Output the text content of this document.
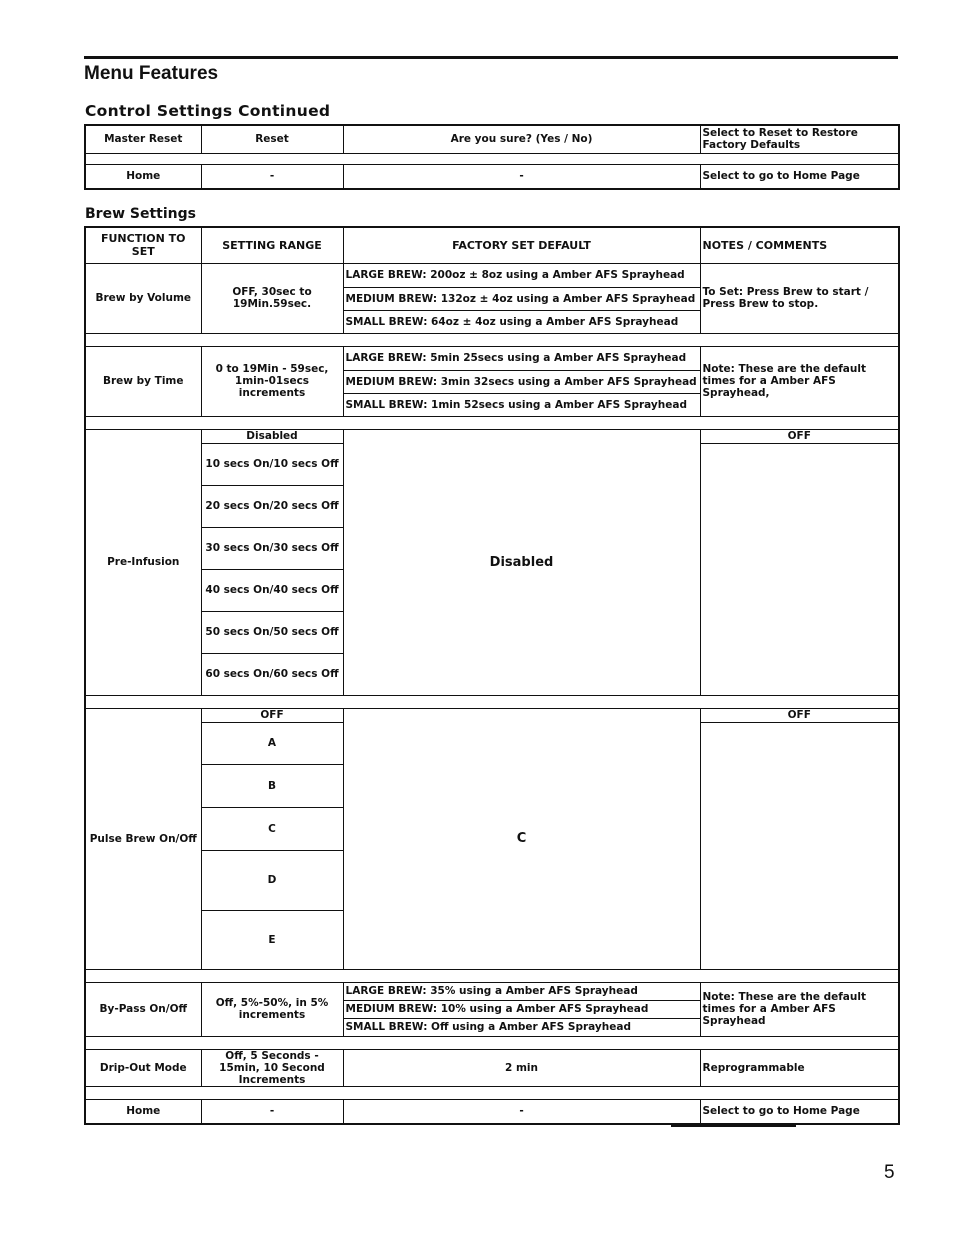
Menu Features
Control Settings Continued
Master Reset	Reset	Are you sure? (Yes / No)	Select to Reset to Restore Factory Defaults

Home	-	-	Select to go to Home Page
Brew Settings
FUNCTION TO SET	SETTING RANGE	FACTORY SET DEFAULT	NOTES / COMMENTS
Brew by Volume	OFF, 30sec to 19Min.59sec.	LARGE BREW: 200oz ± 8oz using a Amber AFS Sprayhead	To Set: Press Brew to start / Press Brew to stop.
		MEDIUM BREW: 132oz ± 4oz using a Amber AFS Sprayhead	
		SMALL BREW: 64oz ± 4oz using a Amber AFS Sprayhead	

Brew by Time	0 to 19Min - 59sec, 1min-01secs increments	LARGE BREW: 5min 25secs using a Amber AFS Sprayhead	Note: These are the default times for a Amber AFS Sprayhead,
		MEDIUM BREW: 3min 32secs using a Amber AFS Sprayhead	
		SMALL BREW: 1min 52secs using a Amber AFS Sprayhead	

Pre-Infusion	Disabled	Disabled	OFF
	10 secs On/10 secs Off		
	20 secs On/20 secs Off		
	30 secs On/30 secs Off		
	40 secs On/40 secs Off		
	50 secs On/50 secs Off		
	60 secs On/60 secs Off		

Pulse Brew On/Off	OFF	C	OFF
	A		
	B		
	C		
	D		
	E		

By-Pass On/Off	Off, 5%-50%, in 5% increments	LARGE BREW: 35% using a Amber AFS Sprayhead	Note: These are the default times for a Amber AFS Sprayhead
		MEDIUM BREW: 10% using a Amber AFS Sprayhead	
		SMALL BREW: Off using a Amber AFS Sprayhead	

Drip-Out Mode	Off, 5 Seconds - 15min, 10 Second Increments	2 min	Reprogrammable

Home	-	-	Select to go to Home Page
5
